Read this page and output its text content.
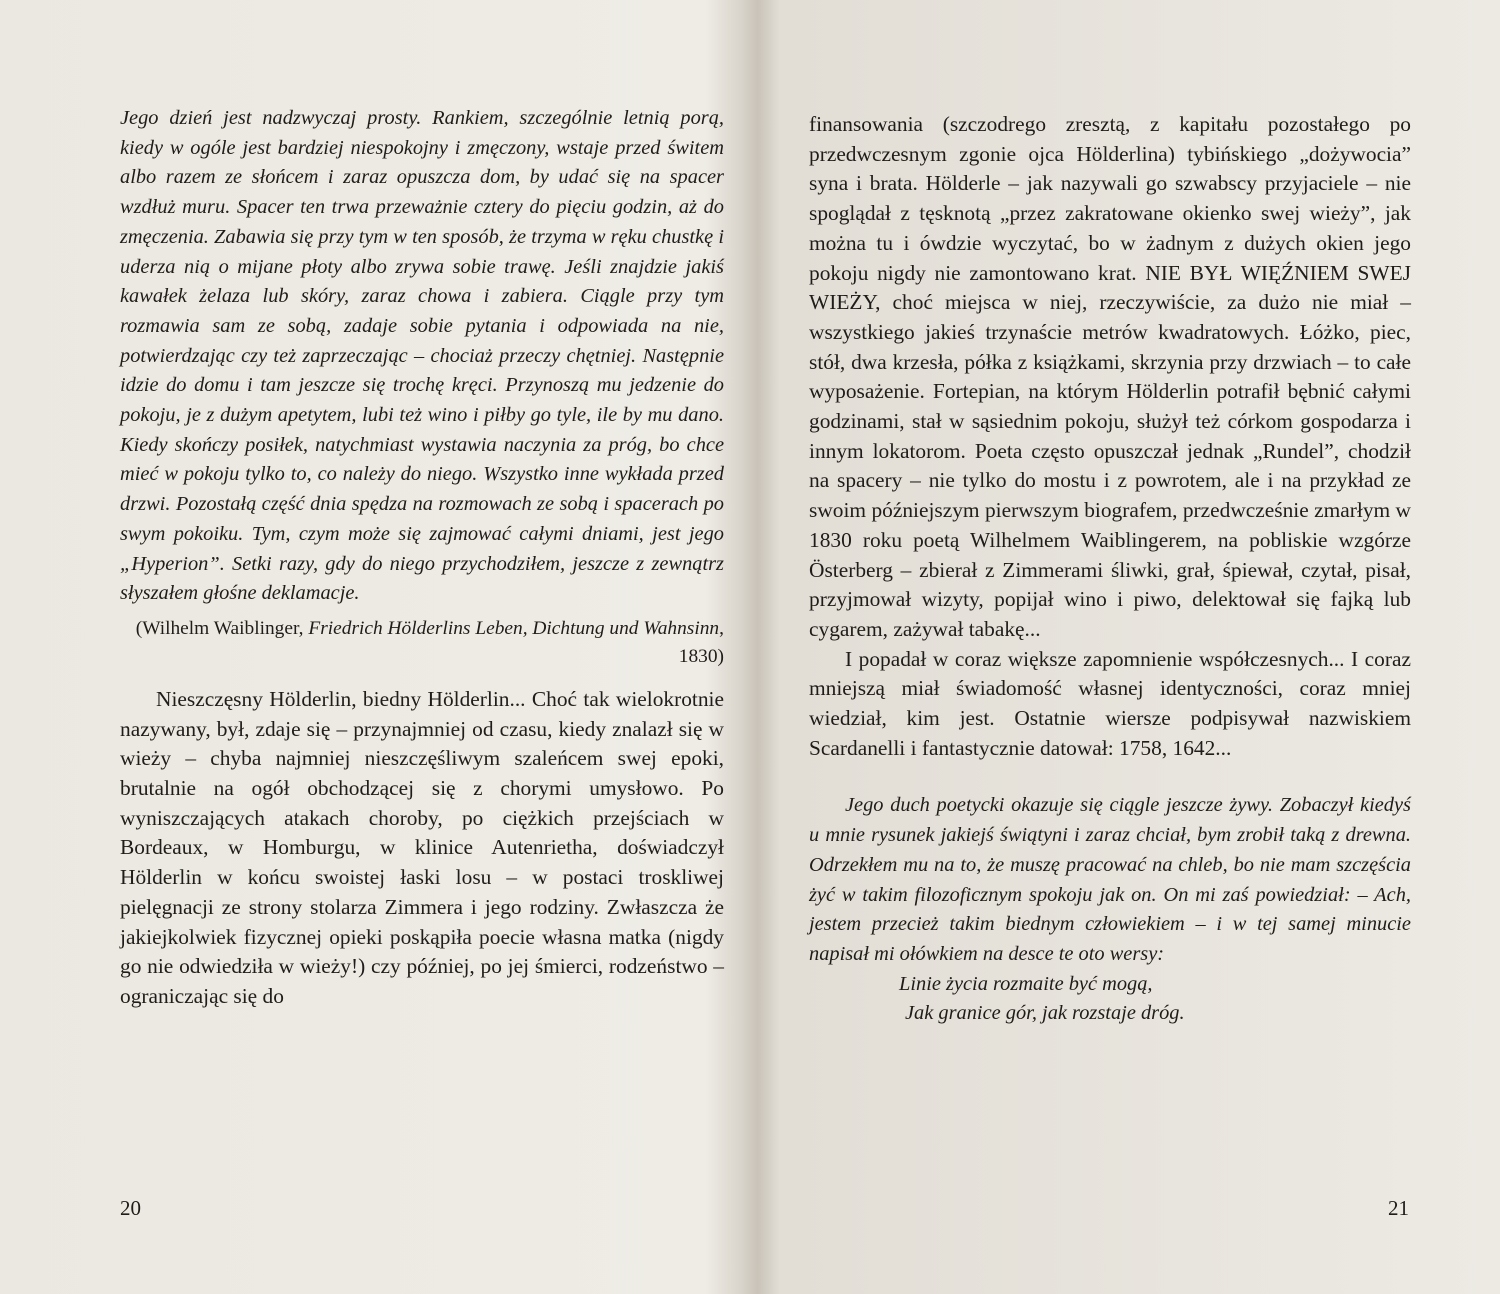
Jego dzień jest nadzwyczaj prosty. Rankiem, szczególnie letnią porą, kiedy w ogóle jest bardziej niespokojny i zmęczony, wstaje przed świtem albo razem ze słońcem i zaraz opuszcza dom, by udać się na spacer wzdłuż muru. Spacer ten trwa przeważnie cztery do pięciu godzin, aż do zmęczenia. Zabawia się przy tym w ten sposób, że trzyma w ręku chustkę i uderza nią o mijane płoty albo zrywa sobie trawę. Jeśli znajdzie jakiś kawałek żelaza lub skóry, zaraz chowa i zabiera. Ciągle przy tym rozmawia sam ze sobą, zadaje sobie pytania i odpowiada na nie, potwierdzając czy też zaprzeczając – chociaż przeczy chętniej. Następnie idzie do domu i tam jeszcze się trochę kręci. Przynoszą mu jedzenie do pokoju, je z dużym apetytem, lubi też wino i piłby go tyle, ile by mu dano. Kiedy skończy posiłek, natychmiast wystawia naczynia za próg, bo chce mieć w pokoju tylko to, co należy do niego. Wszystko inne wykłada przed drzwi. Pozostałą część dnia spędza na rozmowach ze sobą i spacerach po swym pokoiku. Tym, czym może się zajmować całymi dniami, jest jego „Hyperion”. Setki razy, gdy do niego przychodziłem, jeszcze z zewnątrz słyszałem głośne deklamacje.

(Wilhelm Waiblinger, Friedrich Hölderlins Leben, Dichtung und Wahnsinn, 1830)

Nieszczęsny Hölderlin, biedny Hölderlin... Choć tak wielokrotnie nazywany, był, zdaje się – przynajmniej od czasu, kiedy znalazł się w wieży – chyba najmniej nieszczęśliwym szaleńcem swej epoki, brutalnie na ogół obchodzącej się z chorymi umysłowo. Po wyniszczających atakach choroby, po ciężkich przejściach w Bordeaux, w Homburgu, w klinice Autenrietha, doświadczył Hölderlin w końcu swoistej łaski losu – w postaci troskliwej pielęgnacji ze strony stolarza Zimmera i jego rodziny. Zwłaszcza że jakiejkolwiek fizycznej opieki poskąpiła poecie własna matka (nigdy go nie odwiedziła w wieży!) czy później, po jej śmierci, rodzeństwo – ograniczając się do

20

finansowania (szczodrego zresztą, z kapitału pozostałego po przedwczesnym zgonie ojca Hölderlina) tybińskiego „dożywocia” syna i brata. Hölderle – jak nazywali go szwabscy przyjaciele – nie spoglądał z tęsknotą „przez zakratowane okienko swej wieży”, jak można tu i ówdzie wyczytać, bo w żadnym z dużych okien jego pokoju nigdy nie zamontowano krat. NIE BYŁ WIĘŹNIEM SWEJ WIEŻY, choć miejsca w niej, rzeczywiście, za dużo nie miał – wszystkiego jakieś trzynaście metrów kwadratowych. Łóżko, piec, stół, dwa krzesła, półka z książkami, skrzynia przy drzwiach – to całe wyposażenie. Fortepian, na którym Hölderlin potrafił bębnić całymi godzinami, stał w sąsiednim pokoju, służył też córkom gospodarza i innym lokatorom. Poeta często opuszczał jednak „Rundel”, chodził na spacery – nie tylko do mostu i z powrotem, ale i na przykład ze swoim późniejszym pierwszym biografem, przedwcześnie zmarłym w 1830 roku poetą Wilhelmem Waiblingerem, na pobliskie wzgórze Österberg – zbierał z Zimmerami śliwki, grał, śpiewał, czytał, pisał, przyjmował wizyty, popijał wino i piwo, delektował się fajką lub cygarem, zażywał tabakę...

I popadał w coraz większe zapomnienie współczesnych... I coraz mniejszą miał świadomość własnej identyczności, coraz mniej wiedział, kim jest. Ostatnie wiersze podpisywał nazwiskiem Scardanelli i fantastycznie datował: 1758, 1642...

Jego duch poetycki okazuje się ciągle jeszcze żywy. Zobaczył kiedyś u mnie rysunek jakiejś świątyni i zaraz chciał, bym zrobił taką z drewna. Odrzekłem mu na to, że muszę pracować na chleb, bo nie mam szczęścia żyć w takim filozoficznym spokoju jak on. On mi zaś powiedział: – Ach, jestem przecież takim biednym człowiekiem – i w tej samej minucie napisał mi ołówkiem na desce te oto wersy:

Linie życia rozmaite być mogą,
Jak granice gór, jak rozstaje dróg.

21
